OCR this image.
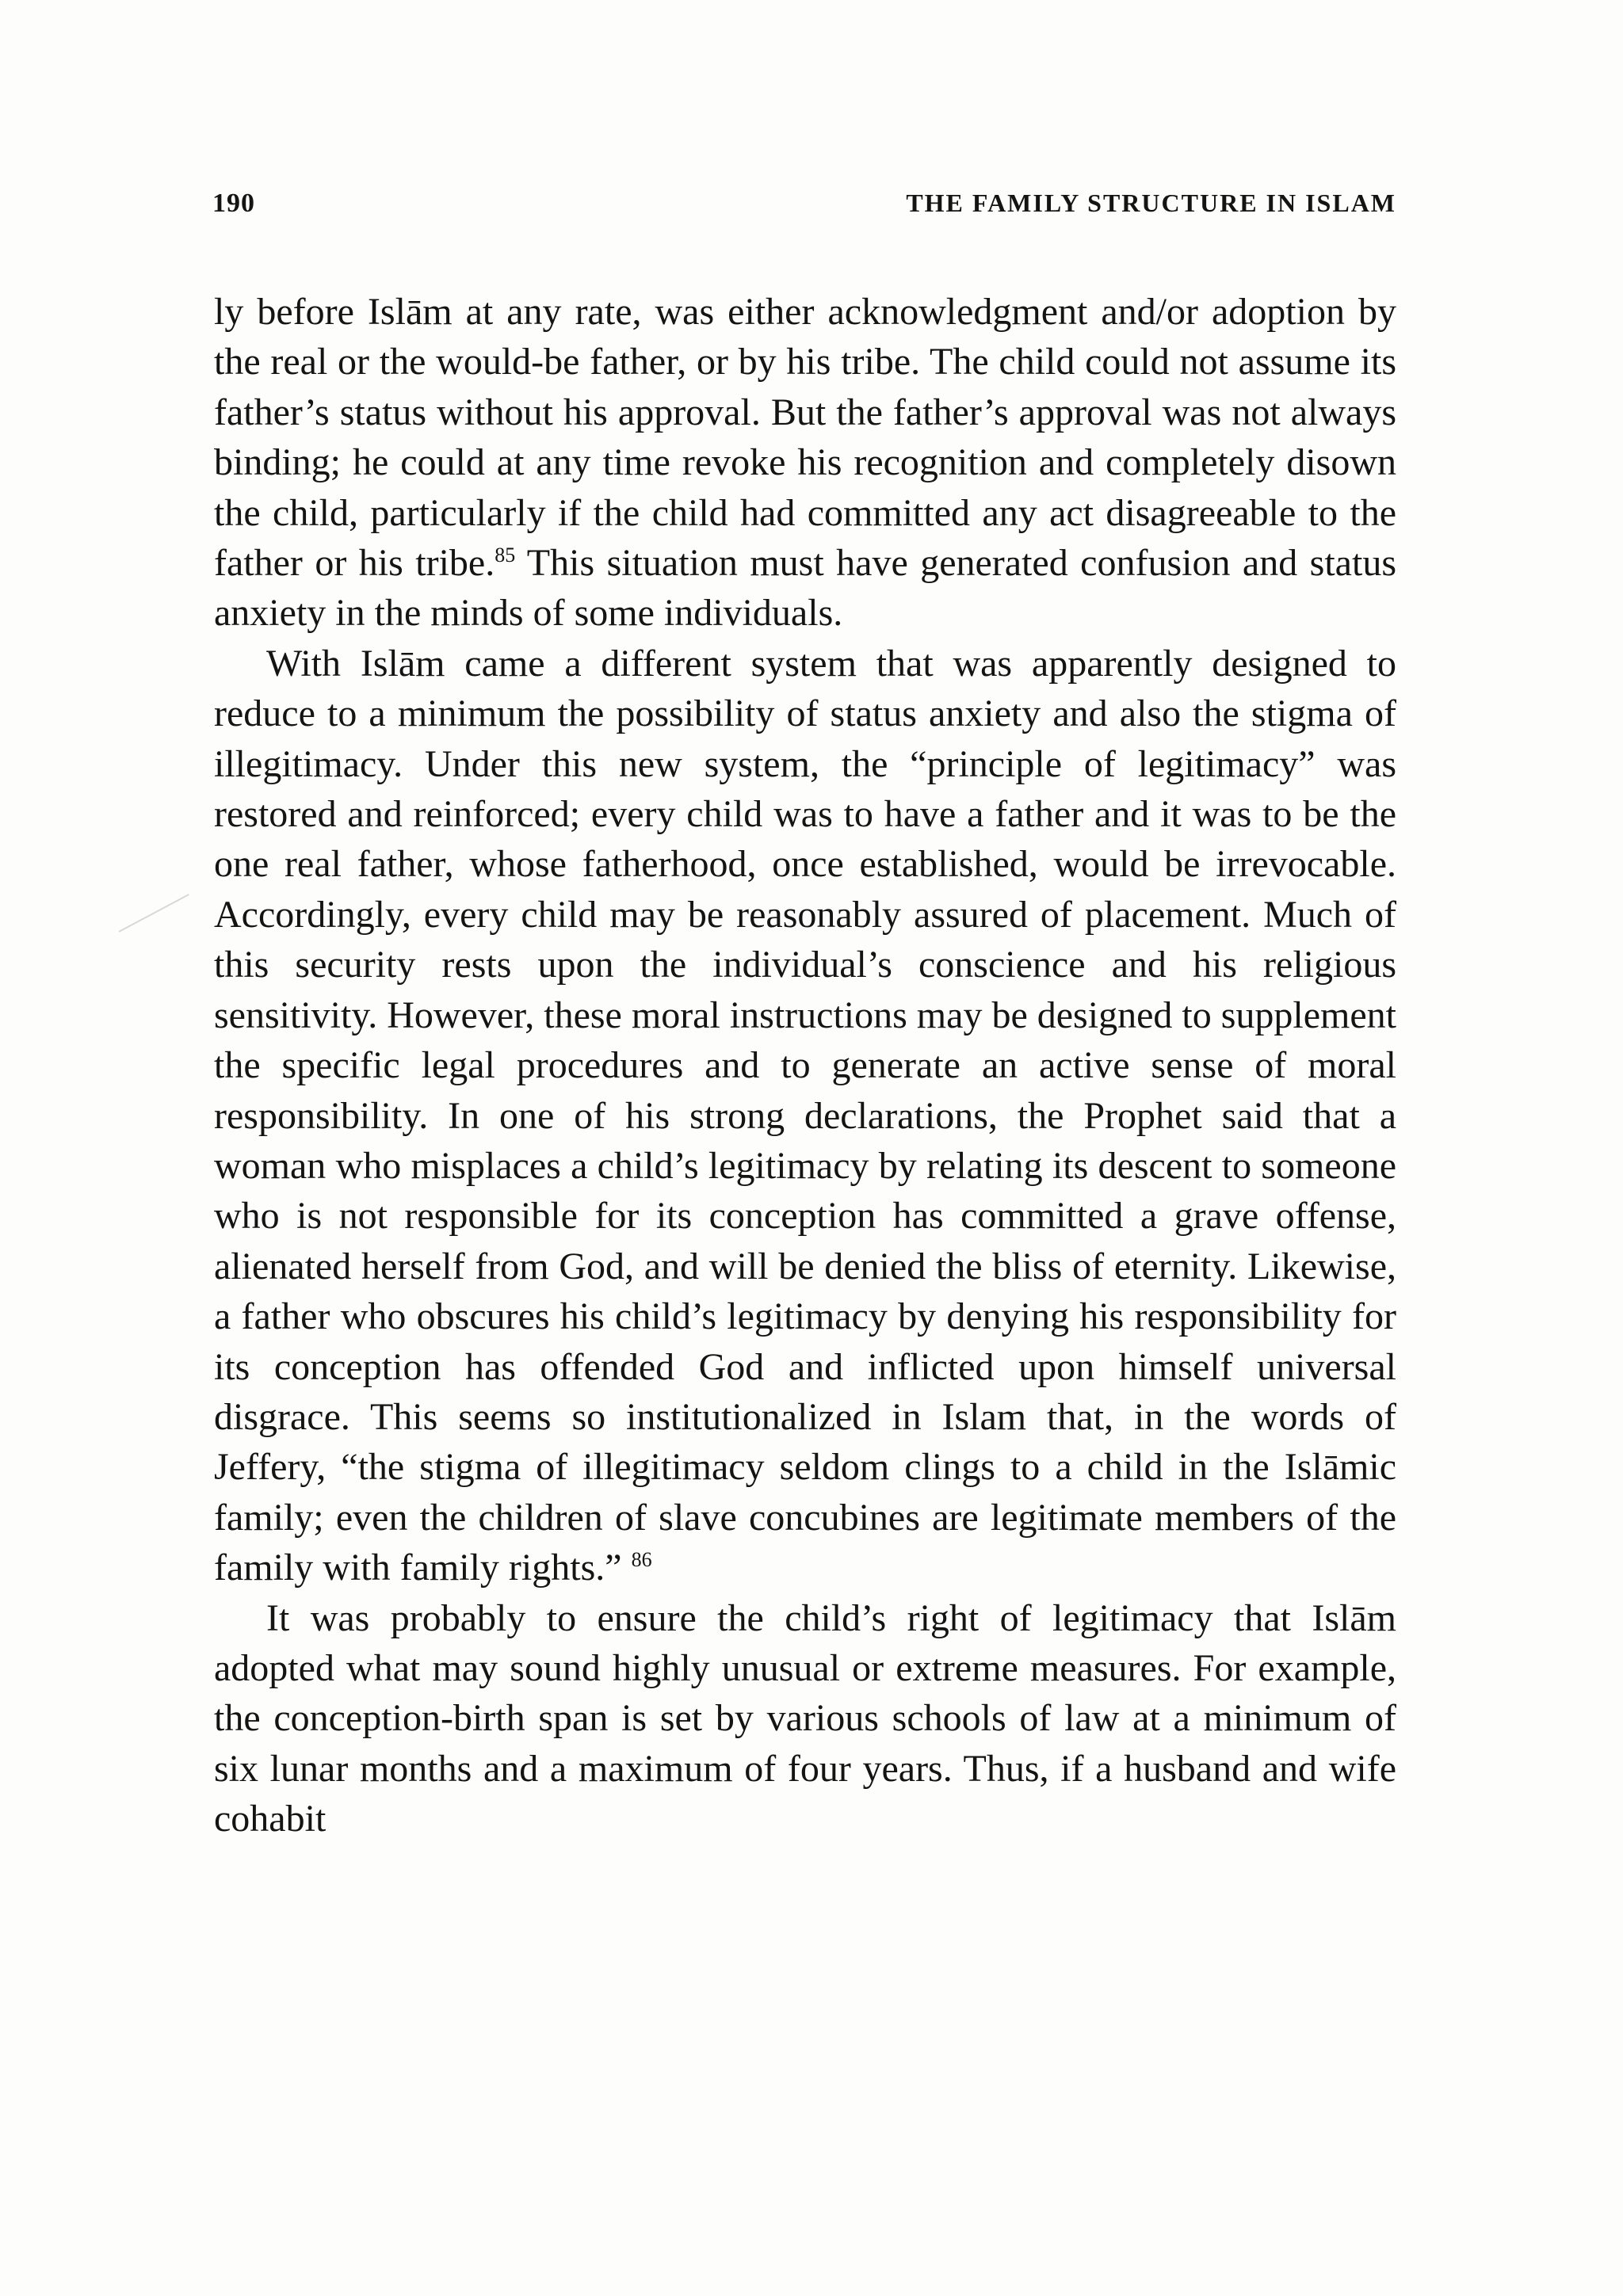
190	THE FAMILY STRUCTURE IN ISLAM

ly before Islām at any rate, was either acknowledgment and/or adoption by the real or the would-be father, or by his tribe. The child could not assume its father’s status without his approval. But the father’s approval was not always binding; he could at any time revoke his recognition and completely disown the child, particularly if the child had committed any act disagreeable to the father or his tribe.$^{85}$ This situation must have generated confusion and status anxiety in the minds of some individuals.

With Islām came a different system that was apparently designed to reduce to a minimum the possibility of status anxiety and also the stigma of illegitimacy. Under this new system, the “principle of legitimacy” was restored and reinforced; every child was to have a father and it was to be the one real father, whose fatherhood, once established, would be irrevocable. Accordingly, every child may be reasonably assured of placement. Much of this security rests upon the individual’s conscience and his religious sensitivity. However, these moral instructions may be designed to supplement the specific legal procedures and to generate an active sense of moral responsibility. In one of his strong declarations, the Prophet said that a woman who misplaces a child’s legitimacy by relating its descent to someone who is not responsible for its conception has committed a grave offense, alienated herself from God, and will be denied the bliss of eternity. Likewise, a father who obscures his child’s legitimacy by denying his responsibility for its conception has offended God and inflicted upon himself universal disgrace. This seems so institutionalized in Islam that, in the words of Jeffery, “the stigma of illegitimacy seldom clings to a child in the Islāmic family; even the children of slave concubines are legitimate members of the family with family rights.” $^{86}$

It was probably to ensure the child’s right of legitimacy that Islām adopted what may sound highly unusual or extreme measures. For example, the conception-birth span is set by various schools of law at a minimum of six lunar months and a maximum of four years. Thus, if a husband and wife cohabit
